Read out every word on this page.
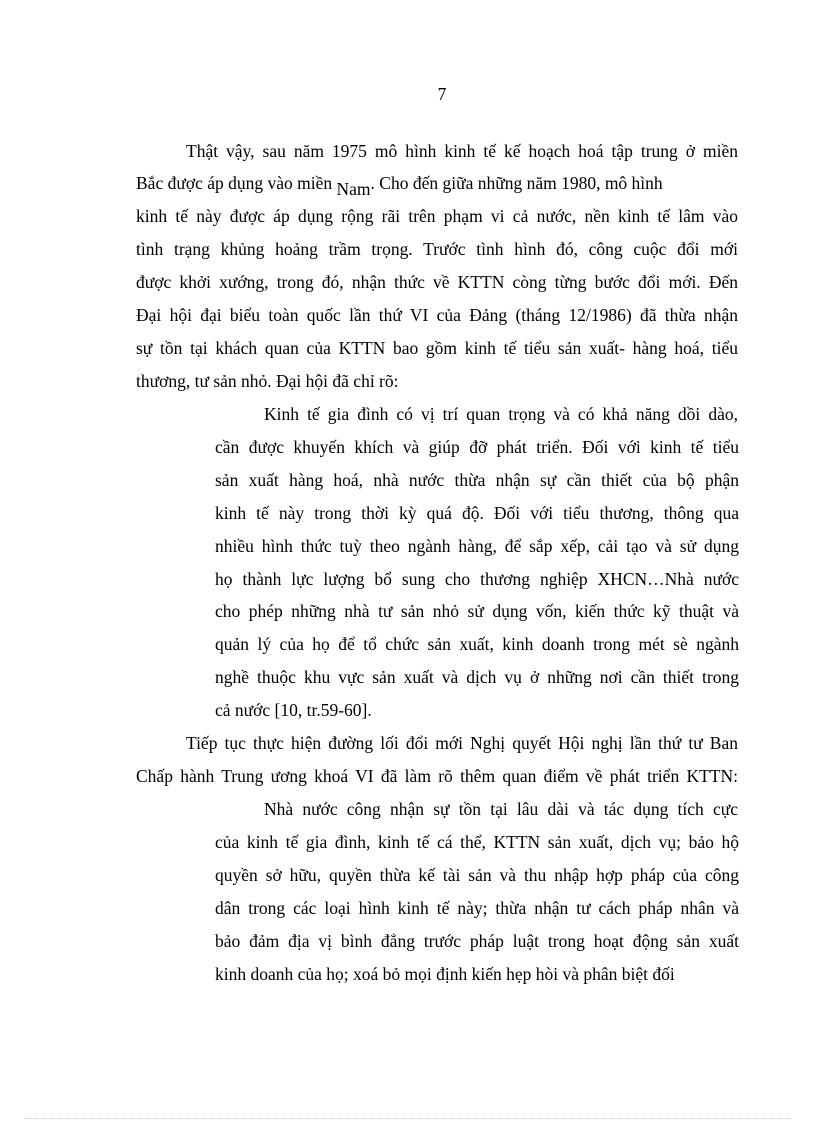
7
Thật vậy, sau năm 1975 mô hình kinh tế kế hoạch hoá tập trung ở miền
Bắc được áp dụng vào miền Nam. Cho đến giữa những năm 1980, mô hình
kinh tế này được áp dụng rộng rãi trên phạm vi cả nước, nền kinh tế lâm vào
tình trạng khủng hoảng trầm trọng. Trước tình hình đó, công cuộc đổi mới
được khởi xướng, trong đó, nhận thức về KTTN còng từng bước đổi mới. Đến
Đại hội đại biểu toàn quốc lần thứ VI của Đảng (tháng 12/1986) đã thừa nhận
sự tồn tại khách quan của KTTN bao gồm kinh tế tiểu sản xuất- hàng hoá, tiểu
thương, tư sản nhỏ. Đại hội đã chỉ rõ:
Kinh tế gia đình có vị trí quan trọng và có khả năng dồi dào,
cần được khuyến khích và giúp đỡ phát triển. Đối với kinh tế tiểu
sản xuất hàng hoá, nhà nước thừa nhận sự cần thiết của bộ phận
kinh tế này trong thời kỳ quá độ. Đối với tiểu thương, thông qua
nhiều hình thức tuỳ theo ngành hàng, để sắp xếp, cải tạo và sử dụng
họ thành lực lượng bổ sung cho thương nghiệp XHCN…Nhà nước
cho phép những nhà tư sản nhỏ sử dụng vốn, kiến thức kỹ thuật và
quản lý của họ để tổ chức sản xuất, kinh doanh trong mét sè ngành
nghề thuộc khu vực sản xuất và dịch vụ ở những nơi cần thiết trong
cả nước [10, tr.59-60].
Tiếp tục thực hiện đường lối đổi mới Nghị quyết Hội nghị lần thứ tư Ban
Chấp hành Trung ương khoá VI đã làm rõ thêm quan điểm về phát triển KTTN:
Nhà nước công nhận sự tồn tại lâu dài và tác dụng tích cực
của kinh tế gia đình, kinh tế cá thể, KTTN sản xuất, dịch vụ; bảo hộ
quyền sở hữu, quyền thừa kế tài sản và thu nhập hợp pháp của công
dân trong các loại hình kinh tế này; thừa nhận tư cách pháp nhân và
bảo đảm địa vị bình đẳng trước pháp luật trong hoạt động sản xuất
kinh doanh của họ; xoá bỏ mọi định kiến hẹp hòi và phân biệt đối
